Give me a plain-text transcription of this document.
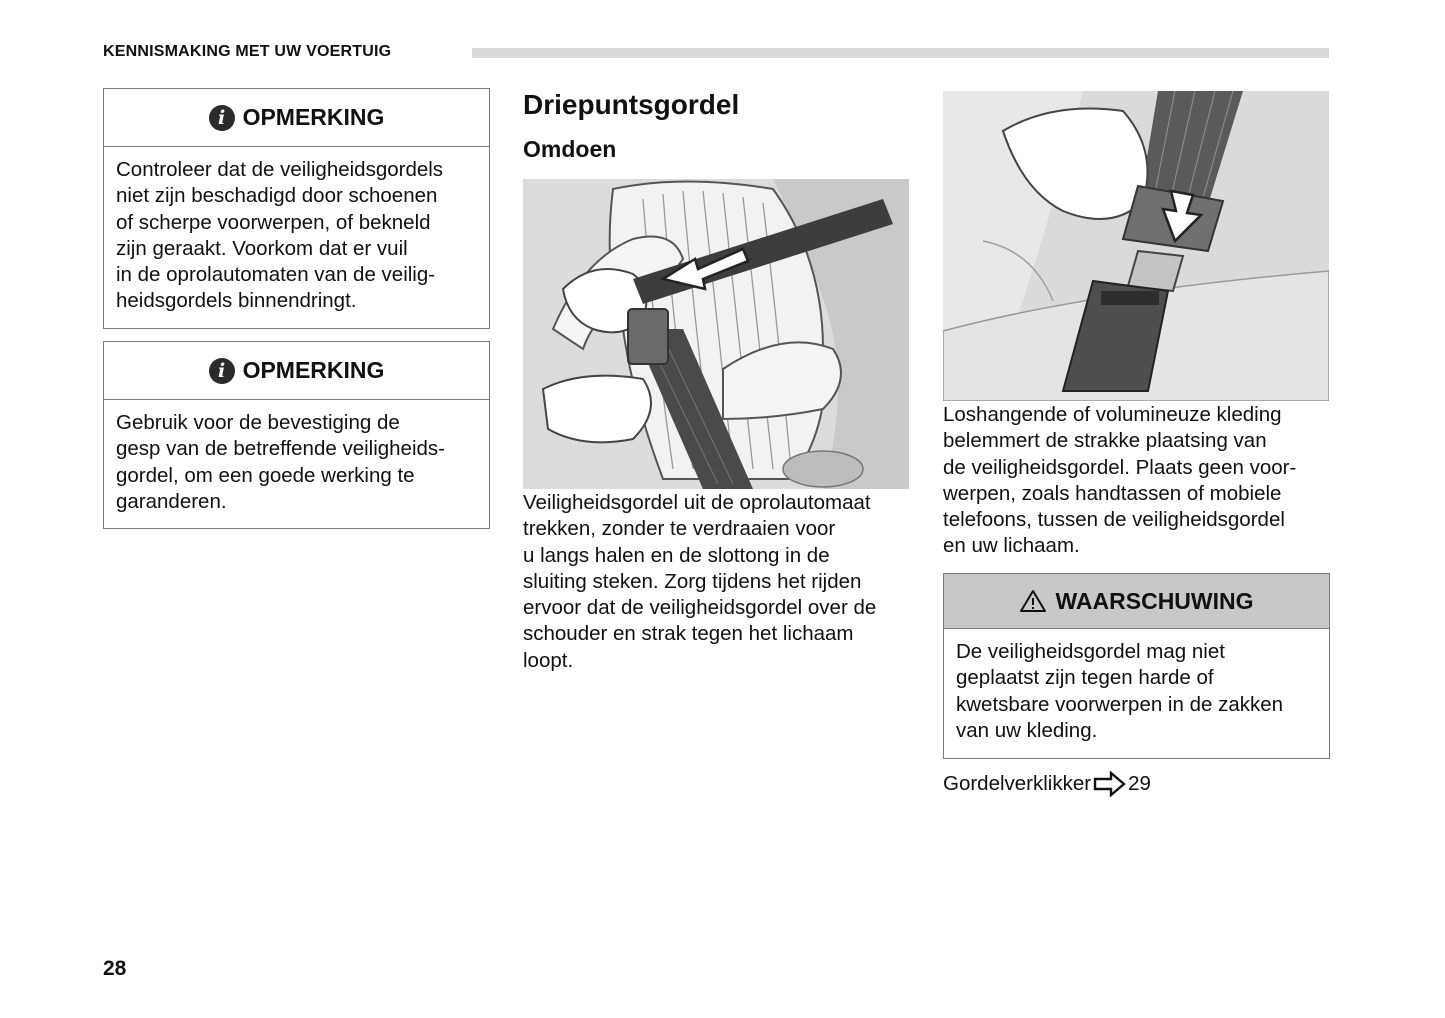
KENNISMAKING MET UW VOERTUIG
i OPMERKING
Controleer dat de veiligheidsgordels
niet zijn beschadigd door schoenen
of scherpe voorwerpen, of bekneld
zijn geraakt. Voorkom dat er vuil
in de oprolautomaten van de veilig-
heidsgordels binnendringt.
i OPMERKING
Gebruik voor de bevestiging de
gesp van de betreffende veiligheids-
gordel, om een goede werking te
garanderen.
Driepuntsgordel
Omdoen
Veiligheidsgordel uit de oprolautomaat
trekken, zonder te verdraaien voor
u langs halen en de slottong in de
sluiting steken. Zorg tijdens het rijden
ervoor dat de veiligheidsgordel over de
schouder en strak tegen het lichaam
loopt.
Loshangende of volumineuze kleding
belemmert de strakke plaatsing van
de veiligheidsgordel. Plaats geen voor-
werpen, zoals handtassen of mobiele
telefoons, tussen de veiligheidsgordel
en uw lichaam.
WAARSCHUWING
De veiligheidsgordel mag niet
geplaatst zijn tegen harde of
kwetsbare voorwerpen in de zakken
van uw kleding.
Gordelverklikker 29
28
